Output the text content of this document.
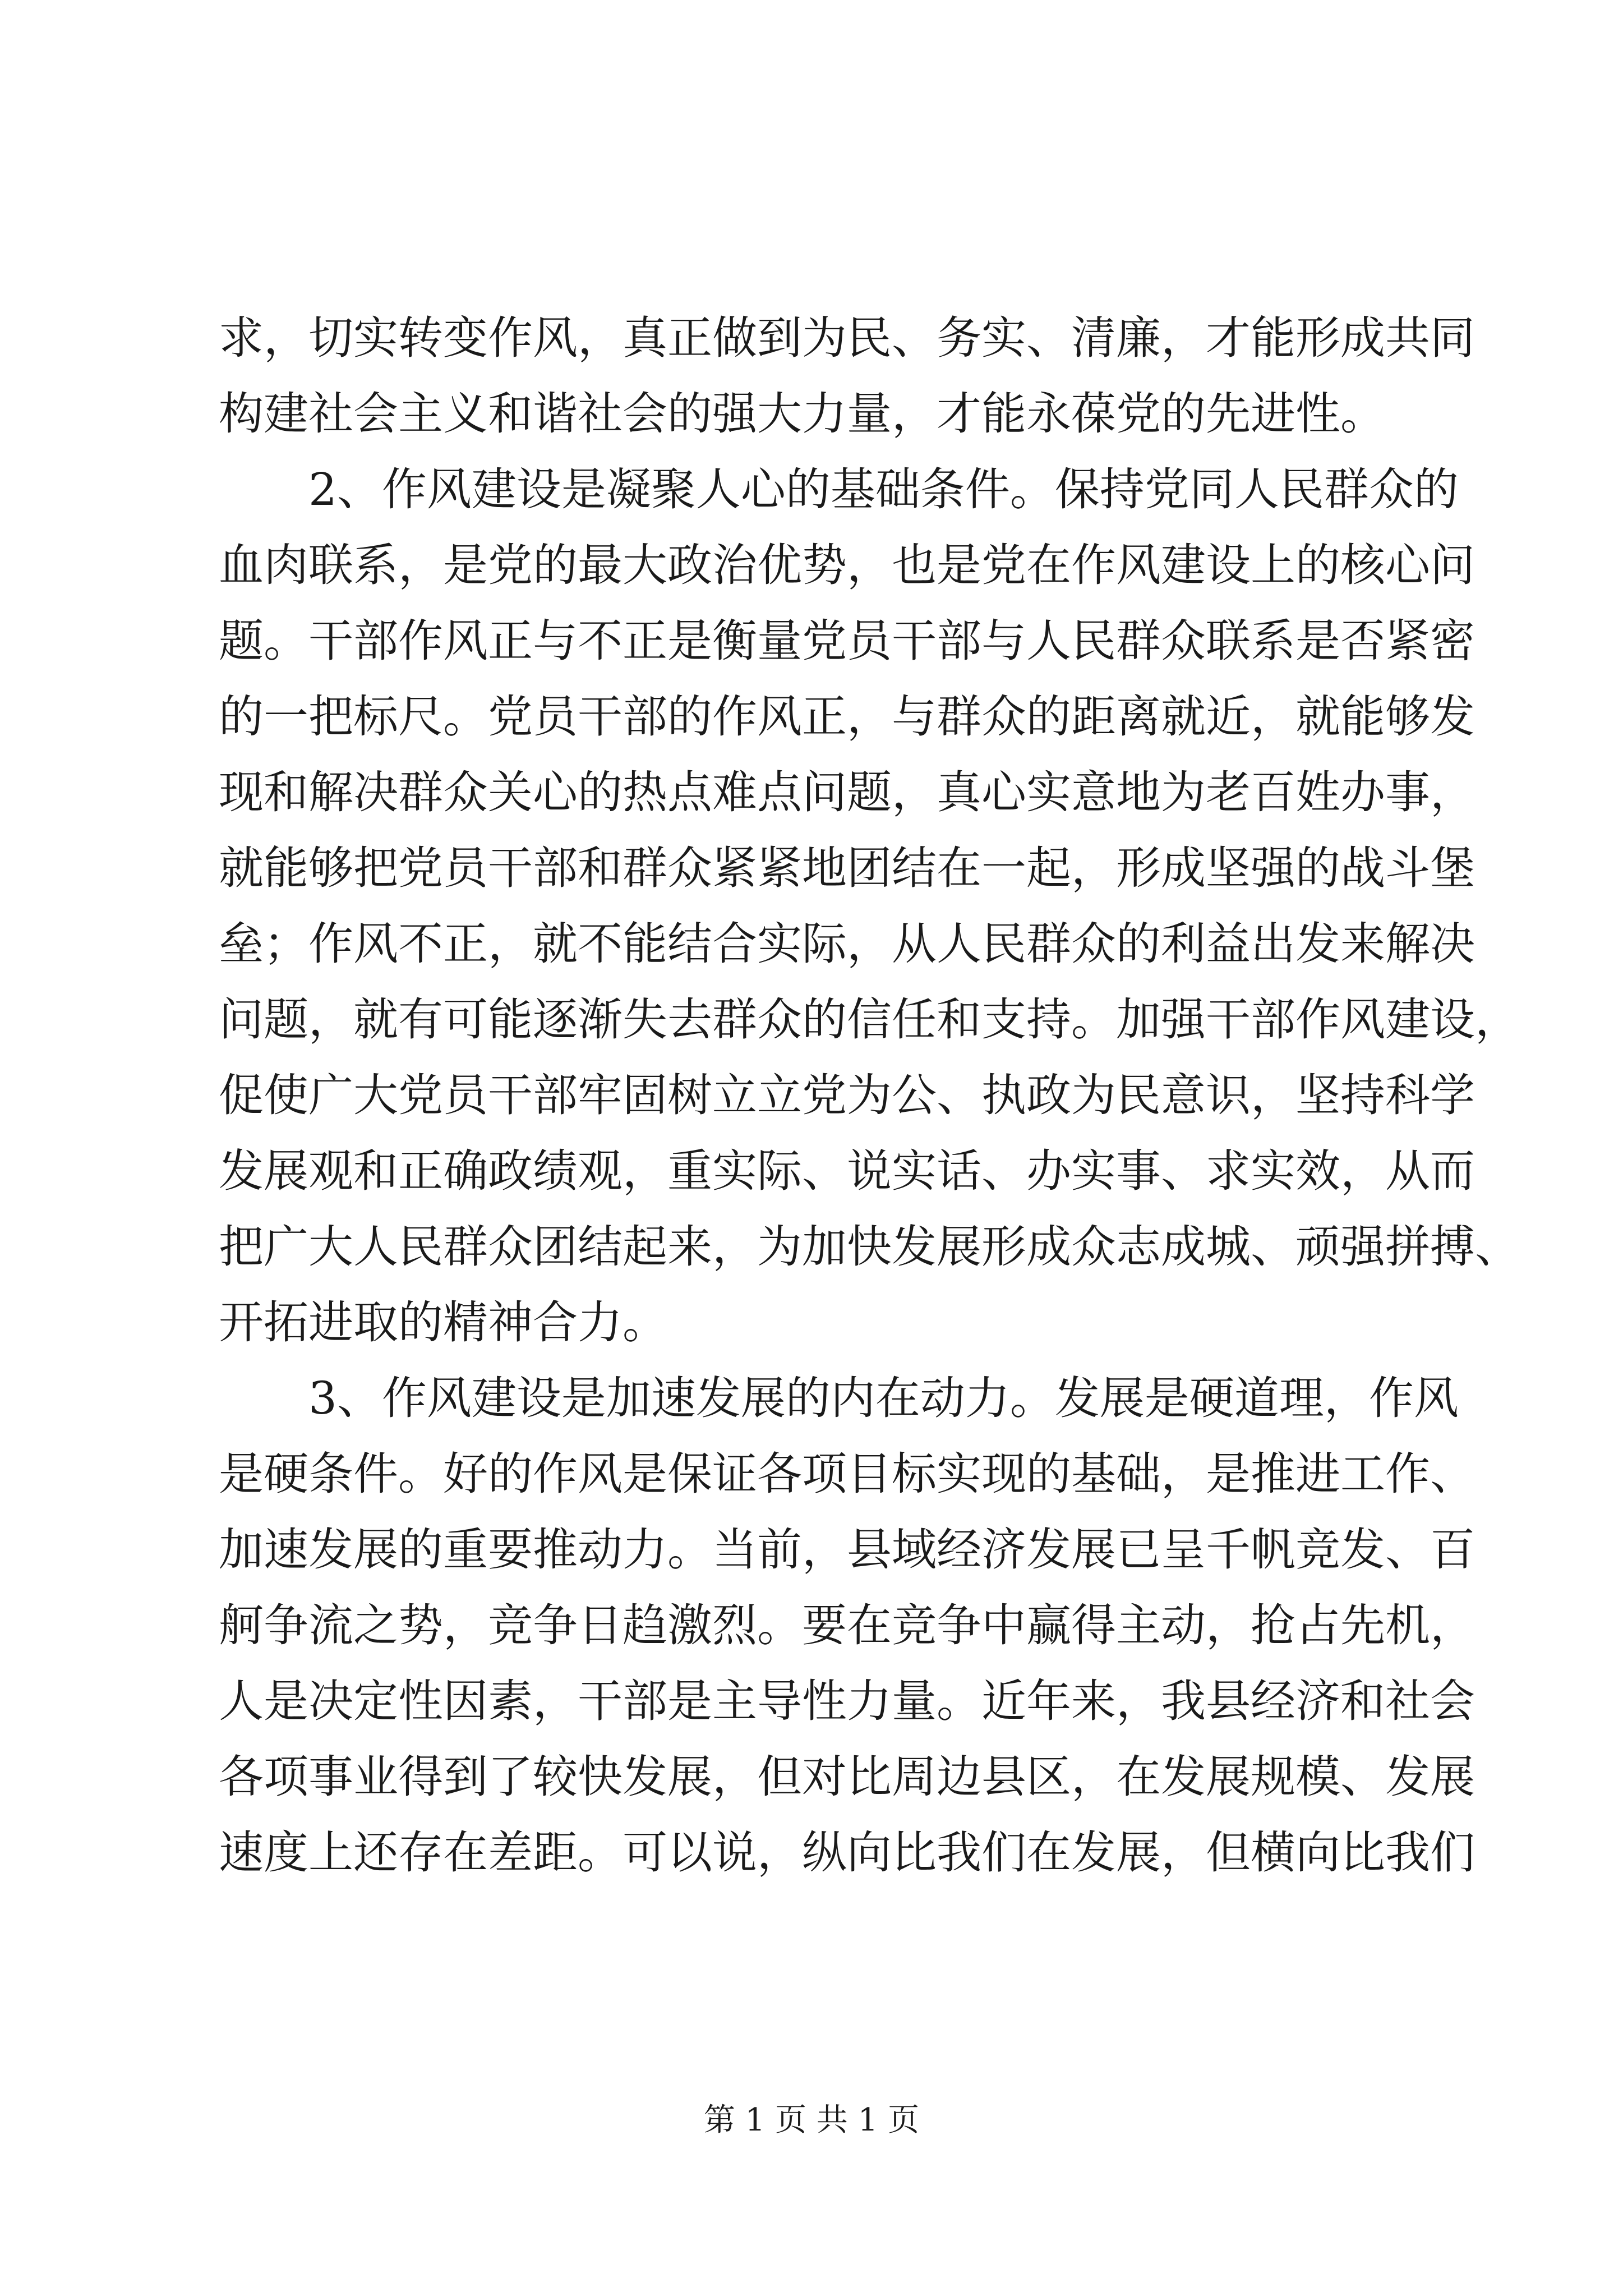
求，切实转变作风，真正做到为民、务实、清廉，才能形成共同
构建社会主义和谐社会的强大力量，才能永葆党的先进性。
　　2、作风建设是凝聚人心的基础条件。保持党同人民群众的
血肉联系，是党的最大政治优势，也是党在作风建设上的核心问
题。干部作风正与不正是衡量党员干部与人民群众联系是否紧密
的一把标尺。党员干部的作风正，与群众的距离就近，就能够发
现和解决群众关心的热点难点问题，真心实意地为老百姓办事，
就能够把党员干部和群众紧紧地团结在一起，形成坚强的战斗堡
垒；作风不正，就不能结合实际，从人民群众的利益出发来解决
问题，就有可能逐渐失去群众的信任和支持。加强干部作风建设，
促使广大党员干部牢固树立立党为公、执政为民意识，坚持科学
发展观和正确政绩观，重实际、说实话、办实事、求实效，从而
把广大人民群众团结起来，为加快发展形成众志成城、顽强拼搏、
开拓进取的精神合力。
　　3、作风建设是加速发展的内在动力。发展是硬道理，作风
是硬条件。好的作风是保证各项目标实现的基础，是推进工作、
加速发展的重要推动力。当前，县域经济发展已呈千帆竞发、百
舸争流之势，竞争日趋激烈。要在竞争中赢得主动，抢占先机，
人是决定性因素，干部是主导性力量。近年来，我县经济和社会
各项事业得到了较快发展，但对比周边县区，在发展规模、发展
速度上还存在差距。可以说，纵向比我们在发展，但横向比我们
第 1 页 共 1 页
